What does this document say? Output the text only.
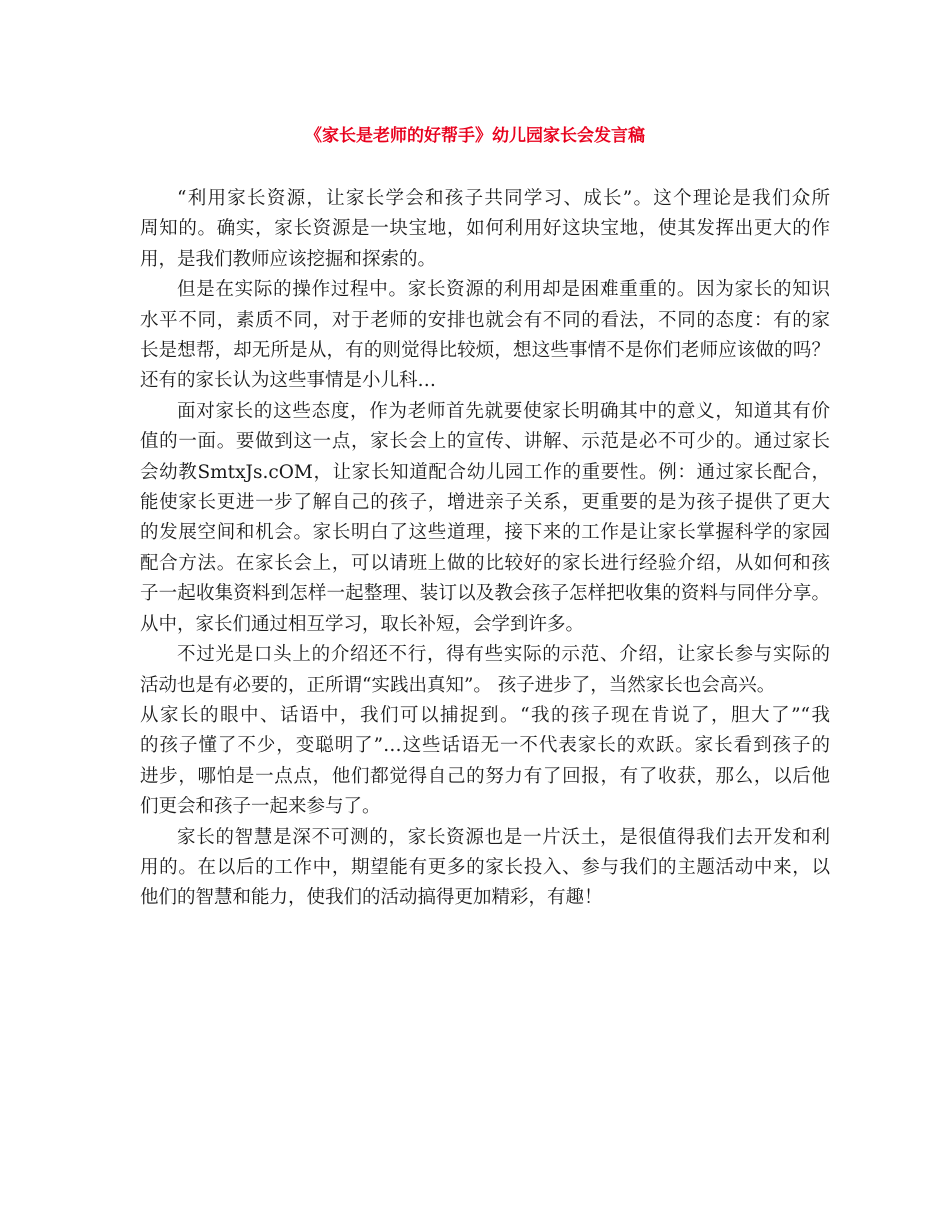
《家长是老师的好帮手》幼儿园家长会发言稿

“利用家长资源，让家长学会和孩子共同学习、成长”。这个理论是我们众所
周知的。确实，家长资源是一块宝地，如何利用好这块宝地，使其发挥出更大的作
用，是我们教师应该挖掘和探索的。

但是在实际的操作过程中。家长资源的利用却是困难重重的。因为家长的知识
水平不同，素质不同，对于老师的安排也就会有不同的看法，不同的态度：有的家
长是想帮，却无所是从，有的则觉得比较烦，想这些事情不是你们老师应该做的吗？
还有的家长认为这些事情是小儿科…

面对家长的这些态度，作为老师首先就要使家长明确其中的意义，知道其有价
值的一面。要做到这一点，家长会上的宣传、讲解、示范是必不可少的。通过家长
会幼教SmtxJs.cOM，让家长知道配合幼儿园工作的重要性。例：通过家长配合，
能使家长更进一步了解自己的孩子，增进亲子关系，更重要的是为孩子提供了更大
的发展空间和机会。家长明白了这些道理，接下来的工作是让家长掌握科学的家园
配合方法。在家长会上，可以请班上做的比较好的家长进行经验介绍，从如何和孩
子一起收集资料到怎样一起整理、装订以及教会孩子怎样把收集的资料与同伴分享。
从中，家长们通过相互学习，取长补短，会学到许多。

不过光是口头上的介绍还不行，得有些实际的示范、介绍，让家长参与实际的
活动也是有必要的，正所谓“实践出真知”。 孩子进步了，当然家长也会高兴。
从家长的眼中、话语中，我们可以捕捉到。“我的孩子现在肯说了，胆大了”“我
的孩子懂了不少，变聪明了”…这些话语无一不代表家长的欢跃。家长看到孩子的
进步，哪怕是一点点，他们都觉得自己的努力有了回报，有了收获，那么，以后他
们更会和孩子一起来参与了。

家长的智慧是深不可测的，家长资源也是一片沃土，是很值得我们去开发和利
用的。在以后的工作中，期望能有更多的家长投入、参与我们的主题活动中来，以
他们的智慧和能力，使我们的活动搞得更加精彩，有趣！
